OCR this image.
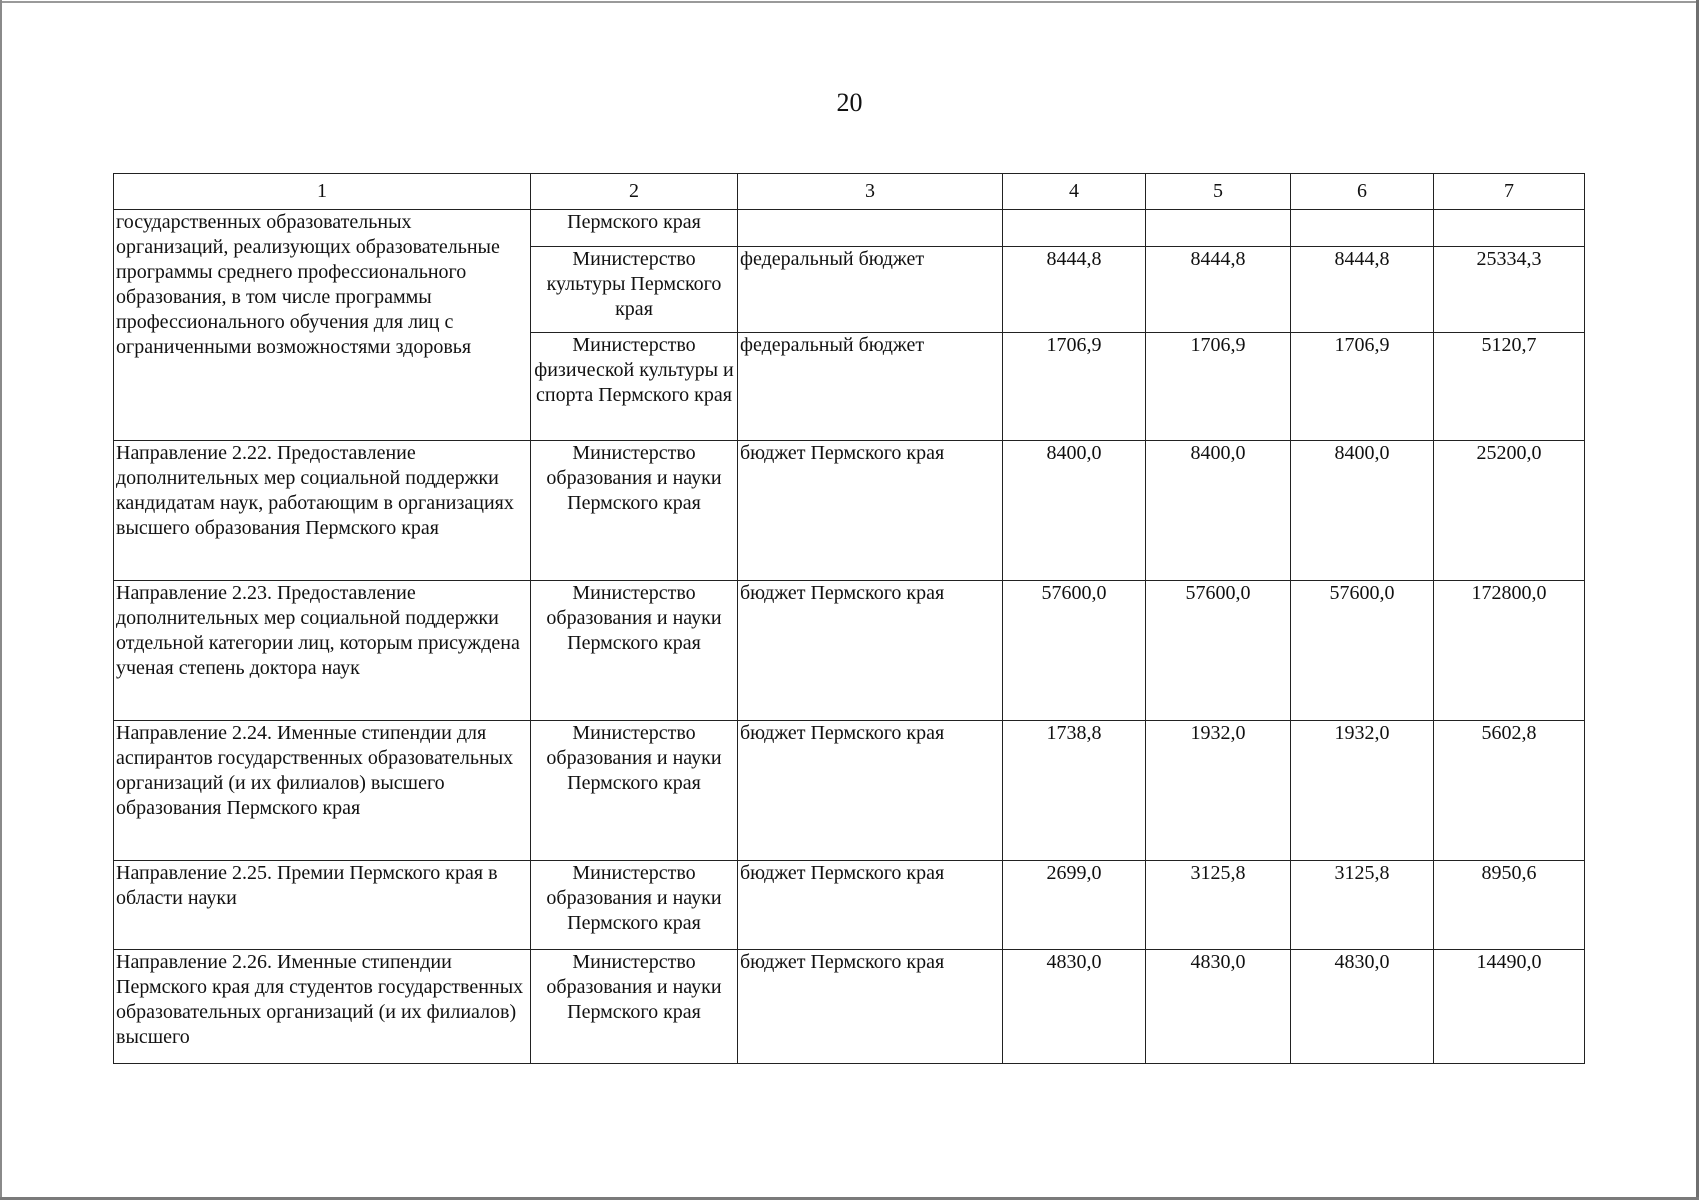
20
1	2	3	4	5	6	7
государственных образовательных организаций, реализующих образовательные программы среднего профессионального образования, в том числе программы профессионального обучения для лиц с ограниченными возможностями здоровья	Пермского края					
	Министерство культуры Пермского края	федеральный бюджет	8444,8	8444,8	8444,8	25334,3
	Министерство физической культуры и спорта Пермского края	федеральный бюджет	1706,9	1706,9	1706,9	5120,7
Направление 2.22. Предоставление дополнительных мер социальной поддержки кандидатам наук, работающим в организациях высшего образования Пермского края	Министерство образования и науки Пермского края	бюджет Пермского края	8400,0	8400,0	8400,0	25200,0
Направление 2.23. Предоставление дополнительных мер социальной поддержки отдельной категории лиц, которым присуждена ученая степень доктора наук	Министерство образования и науки Пермского края	бюджет Пермского края	57600,0	57600,0	57600,0	172800,0
Направление 2.24. Именные стипендии для аспирантов государственных образовательных организаций (и их филиалов) высшего образования Пермского края	Министерство образования и науки Пермского края	бюджет Пермского края	1738,8	1932,0	1932,0	5602,8
Направление 2.25. Премии Пермского края в области науки	Министерство образования и науки Пермского края	бюджет Пермского края	2699,0	3125,8	3125,8	8950,6
Направление 2.26. Именные стипендии Пермского края для студентов государственных образовательных организаций (и их филиалов) высшего	Министерство образования и науки Пермского края	бюджет Пермского края	4830,0	4830,0	4830,0	14490,0
